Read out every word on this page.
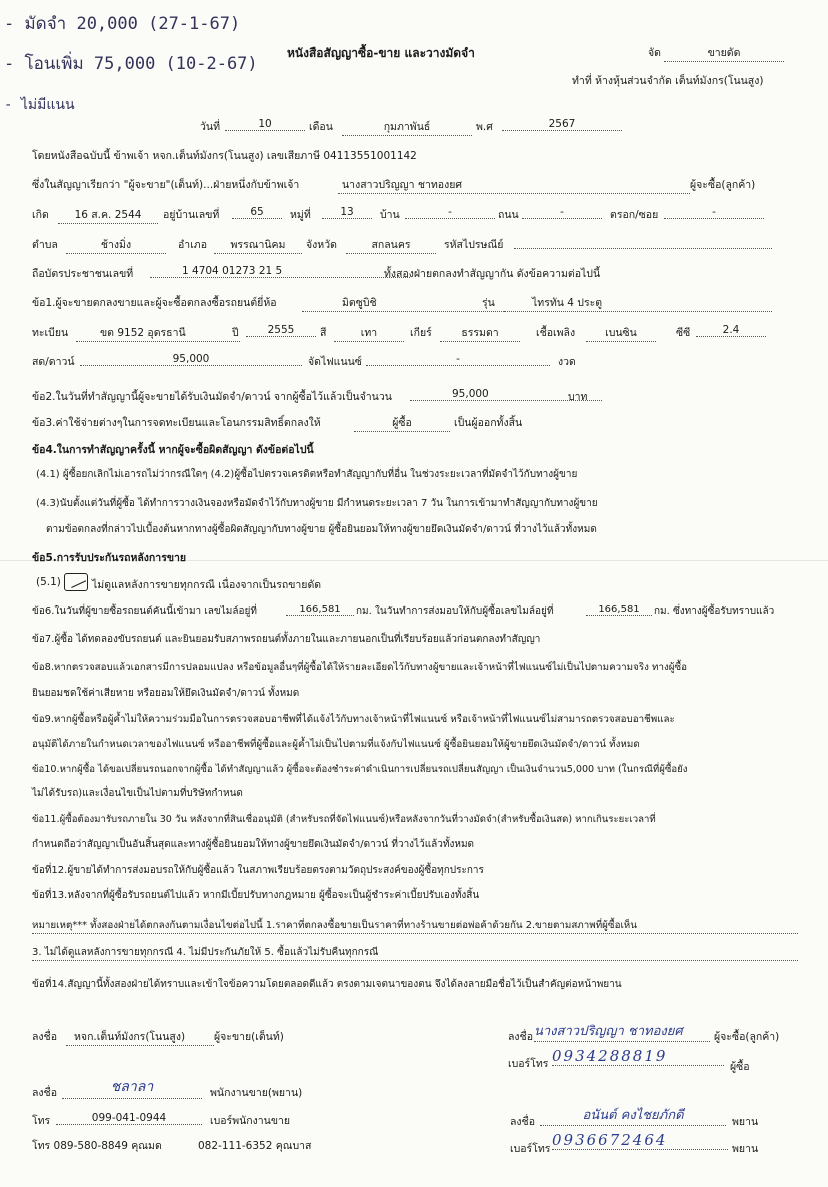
- มัดจำ 20,000 (27-1-67)
- โอนเพิ่ม 75,000 (10-2-67)
- ไม่มีแนน
หนังสือสัญญาซื้อ-ขาย และวางมัดจำ	จัด	ขายดัด
ทำที่ ห้างหุ้นส่วนจำกัด เต็นท์มังกร(โนนสูง)
วันที่	10	เดือน	กุมภาพันธ์	พ.ศ	2567
โดยหนังสือฉบับนี้ ข้าพเจ้า หจก.เต็นท์มังกร(โนนสูง) เลขเสียภาษี 04113551001142
ซึ่งในสัญญาเรียกว่า "ผู้จะขาย"(เต็นท์)...ฝ่ายหนึ่งกับข้าพเจ้า	นางสาวปริญญา ชาทองยศ	ผู้จะซื้อ(ลูกค้า)
เกิด	16 ส.ค. 2544	อยู่บ้านเลขที่	65	หมู่ที่	13	บ้าน	-	ถนน	-	ตรอก/ซอย	-
ตำบล	ช้างมิ่ง	อำเภอ	พรรณานิคม	จังหวัด	สกลนคร	รหัสไปรษณีย์

ถือบัตรประชาชนเลขที่	1 4704 01273 21 5	ทั้งสองฝ่ายตกลงทำสัญญากัน ดังข้อความต่อไปนี้
ข้อ1.ผู้จะขายตกลงขายและผู้จะซื้อตกลงซื้อรถยนต์ยี่ห้อ	มิตซูบิชิ	รุ่น	ไทรทัน 4 ประตู
ทะเบียน	ขต 9152 อุดรธานี	ปี	2555	สี	เทา	เกียร์	ธรรมดา	เชื้อเพลิง	เบนซิน	ซีซี	2.4
สด/ดาวน์	95,000	จัดไฟแนนซ์	-	งวด
ข้อ2.ในวันที่ทำสัญญานี้ผู้จะขายได้รับเงินมัดจำ/ดาวน์ จากผู้ซื้อไว้แล้วเป็นจำนวน	95,000	บาท
ข้อ3.ค่าใช้จ่ายต่างๆในการจดทะเบียนและโอนกรรมสิทธิ์ตกลงให้	ผู้ซื้อ	เป็นผู้ออกทั้งสิ้น
ข้อ4.ในการทำสัญญาครั้งนี้ หากผู้จะซื้อผิดสัญญา ดังข้อต่อไปนี้
(4.1) ผู้ซื้อยกเลิกไม่เอารถไม่ว่ากรณีใดๆ (4.2)ผู้ซื้อไปตรวจเครดิตหรือทำสัญญากับที่อื่น ในช่วงระยะเวลาที่มัดจำไว้กับทางผู้ขาย
(4.3)นับตั้งแต่วันที่ผู้ซื้อ ได้ทำการวางเงินจองหรือมัดจำไว้กับทางผู้ขาย มีกำหนดระยะเวลา 7 วัน ในการเข้ามาทำสัญญากับทางผู้ขาย
ตามข้อตกลงที่กล่าวไปเบื้องต้นหากทางผู้ซื้อผิดสัญญากับทางผู้ขาย ผู้ซื้อยินยอมให้ทางผู้ขายยึดเงินมัดจำ/ดาวน์ ที่วางไว้แล้วทั้งหมด
ข้อ5.การรับประกันรถหลังการขาย
(5.1)	ไม่ดูแลหลังการขายทุกกรณี เนื่องจากเป็นรถขายดัด
ข้อ6.ในวันที่ผู้ขายซื้อรถยนต์คันนี้เข้ามา เลขไมล์อยู่ที่	166,581	กม. ในวันทำการส่งมอบให้กับผู้ซื้อเลขไมล์อยู่ที่	166,581	กม. ซึ่งทางผู้ซื้อรับทราบแล้ว
ข้อ7.ผู้ซื้อ ได้ทดลองขับรถยนต์ และยินยอมรับสภาพรถยนต์ทั้งภายในและภายนอกเป็นที่เรียบร้อยแล้วก่อนตกลงทำสัญญา
ข้อ8.หากตรวจสอบแล้วเอกสารมีการปลอมแปลง หรือข้อมูลอื่นๆที่ผู้ซื้อได้ให้รายละเอียดไว้กับทางผู้ขายและเจ้าหน้าที่ไฟแนนซ์ไม่เป็นไปตามความจริง ทางผู้ซื้อ
ยินยอมชดใช้ค่าเสียหาย หรือยอมให้ยึดเงินมัดจำ/ดาวน์ ทั้งหมด
ข้อ9.หากผู้ซื้อหรือผู้ค้ำไม่ให้ความร่วมมือในการตรวจสอบอาชีพที่ได้แจ้งไว้กับทางเจ้าหน้าที่ไฟแนนซ์ หรือเจ้าหน้าที่ไฟแนนซ์ไม่สามารถตรวจสอบอาชีพและ
อนุมัติได้ภายในกำหนดเวลาของไฟแนนซ์ หรืออาชีพที่ผู้ซื้อและผู้ค้ำไม่เป็นไปตามที่แจ้งกับไฟแนนซ์ ผู้ซื้อยินยอมให้ผู้ขายยึดเงินมัดจำ/ดาวน์ ทั้งหมด
ข้อ10.หากผู้ซื้อ ได้ขอเปลี่ยนรถนอกจากผู้ซื้อ ได้ทำสัญญาแล้ว ผู้ซื้อจะต้องชำระค่าดำเนินการเปลี่ยนรถเปลี่ยนสัญญา เป็นเงินจำนวน5,000 บาท (ในกรณีที่ผู้ซื้อยัง
ไม่ได้รับรถ)และเงื่อนไขเป็นไปตามที่บริษัทกำหนด
ข้อ11.ผู้ซื้อต้องมารับรถภายใน 30 วัน หลังจากที่สินเชื่ออนุมัติ (สำหรับรถที่จัดไฟแนนซ์)หรือหลังจากวันที่วางมัดจำ(สำหรับซื้อเงินสด) หากเกินระยะเวลาที่
กำหนดถือว่าสัญญาเป็นอันสิ้นสุดและทางผู้ซื้อยินยอมให้ทางผู้ขายยึดเงินมัดจำ/ดาวน์ ที่วางไว้แล้วทั้งหมด
ข้อที่12.ผู้ขายได้ทำการส่งมอบรถให้กับผู้ซื้อแล้ว ในสภาพเรียบร้อยตรงตามวัตถุประสงค์ของผู้ซื้อทุกประการ
ข้อที่13.หลังจากที่ผู้ซื้อรับรถยนต์ไปแล้ว หากมีเบี้ยปรับทางกฎหมาย ผู้ซื้อจะเป็นผู้ชำระค่าเบี้ยปรับเองทั้งสิ้น
หมายเหตุ*** ทั้งสองฝ่ายได้ตกลงกันตามเงื่อนไขต่อไปนี้ 1.ราคาที่ตกลงซื้อขายเป็นราคาที่ทางร้านขายต่อพ่อค้าด้วยกัน 2.ขายตามสภาพที่ผู้ซื้อเห็น
3. ไม่ได้ดูแลหลังการขายทุกกรณี 4. ไม่มีประกันภัยให้ 5. ซื้อแล้วไม่รับคืนทุกกรณี
ข้อที่14.สัญญานี้ทั้งสองฝ่ายได้ทราบและเข้าใจข้อความโดยตลอดดีแล้ว ตรงตามเจตนาของตน จึงได้ลงลายมือชื่อไว้เป็นสำคัญต่อหน้าพยาน
ลงชื่อ	หจก.เต็นท์มังกร(โนนสูง)	ผู้จะขาย(เต็นท์)
ลงชื่อ	ชลาลา	พนักงานขาย(พยาน)
โทร	099-041-0944	เบอร์พนักงานขาย
โทร 089-580-8849 คุณมด	082-111-6352 คุณบาส
ลงชื่อ นางสาวปริญญา ชาทองยศ	ผู้จะซื้อ(ลูกค้า)
เบอร์โทร 0934288819
ผู้ซื้อ
ลงชื่อ	อนันต์ คงไชยภักดี	พยาน
เบอร์โทร 0936672464	พยาน
